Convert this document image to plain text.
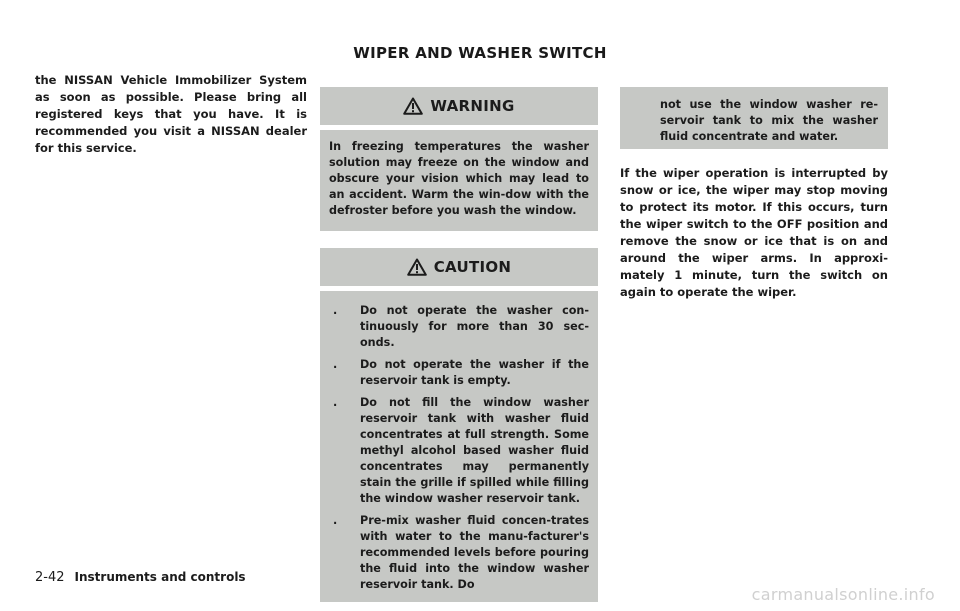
WIPER AND WASHER SWITCH

the NISSAN Vehicle Immobilizer System as soon as possible. Please bring all registered keys that you have. It is recommended you visit a NISSAN dealer for this service.

WARNING
In freezing temperatures the washer solution may freeze on the window and obscure your vision which may lead to an accident. Warm the win-dow with the defroster before you wash the window.
CAUTION
.	Do not operate the washer con-tinuously for more than 30 sec-onds.
.	Do not operate the washer if the reservoir tank is empty.
.	Do not fill the window washer reservoir tank with washer fluid concentrates at full strength. Some methyl alcohol based washer fluid concentrates may permanently stain the grille if spilled while filling the window washer reservoir tank.
.	Pre-mix washer fluid concen-trates with water to the manu-facturer's recommended levels before pouring the fluid into the window washer reservoir tank. Do
not use the window washer re-servoir tank to mix the washer fluid concentrate and water.

If the wiper operation is interrupted by snow or ice, the wiper may stop moving to protect its motor. If this occurs, turn the wiper switch to the OFF position and remove the snow or ice that is on and around the wiper arms. In approxi-mately 1 minute, turn the switch on again to operate the wiper.

2-42 Instruments and controls
carmanualsonline.info
